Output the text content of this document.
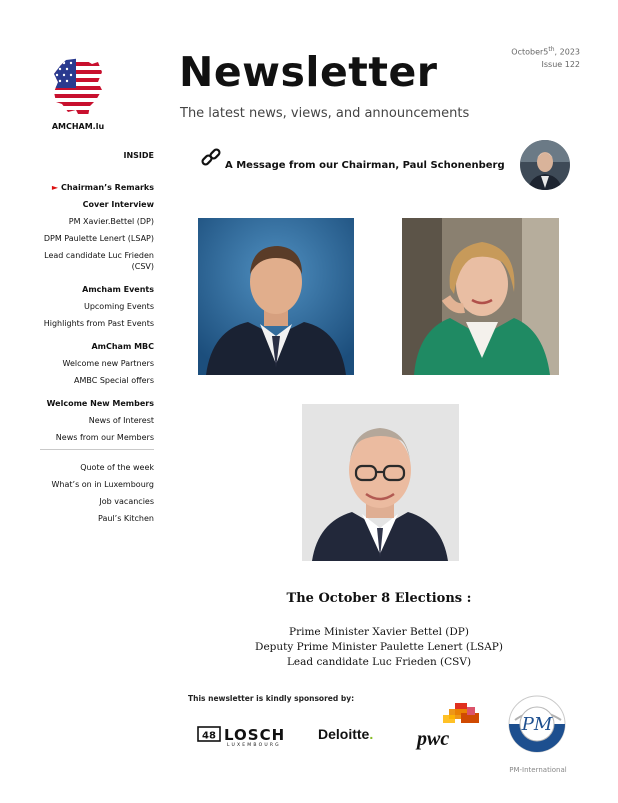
AMCHAM.lu
Newsletter
The latest news, views, and announcements
October5th, 2023
Issue 122
INSIDE
► Chairman’s Remarks
Cover Interview
PM Xavier.Bettel (DP)
DPM Paulette Lenert (LSAP)
Lead candidate Luc Frieden (CSV)
Amcham Events
Upcoming Events
Highlights from Past Events
AmCham MBC
Welcome new Partners
AMBC Special offers
Welcome New Members
News of Interest
News from our Members
Quote of the week
What’s on in Luxembourg
Job vacancies
Paul’s Kitchen
A Message from our Chairman, Paul Schonenberg
The October 8 Elections :
Prime Minister Xavier Bettel (DP)
Deputy Prime Minister Paulette Lenert (LSAP)
Lead candidate Luc Frieden (CSV)
This newsletter is kindly sponsored by:
48 LOSCH
LUXEMBOURG
Deloitte. pwc
PM
PM-International
